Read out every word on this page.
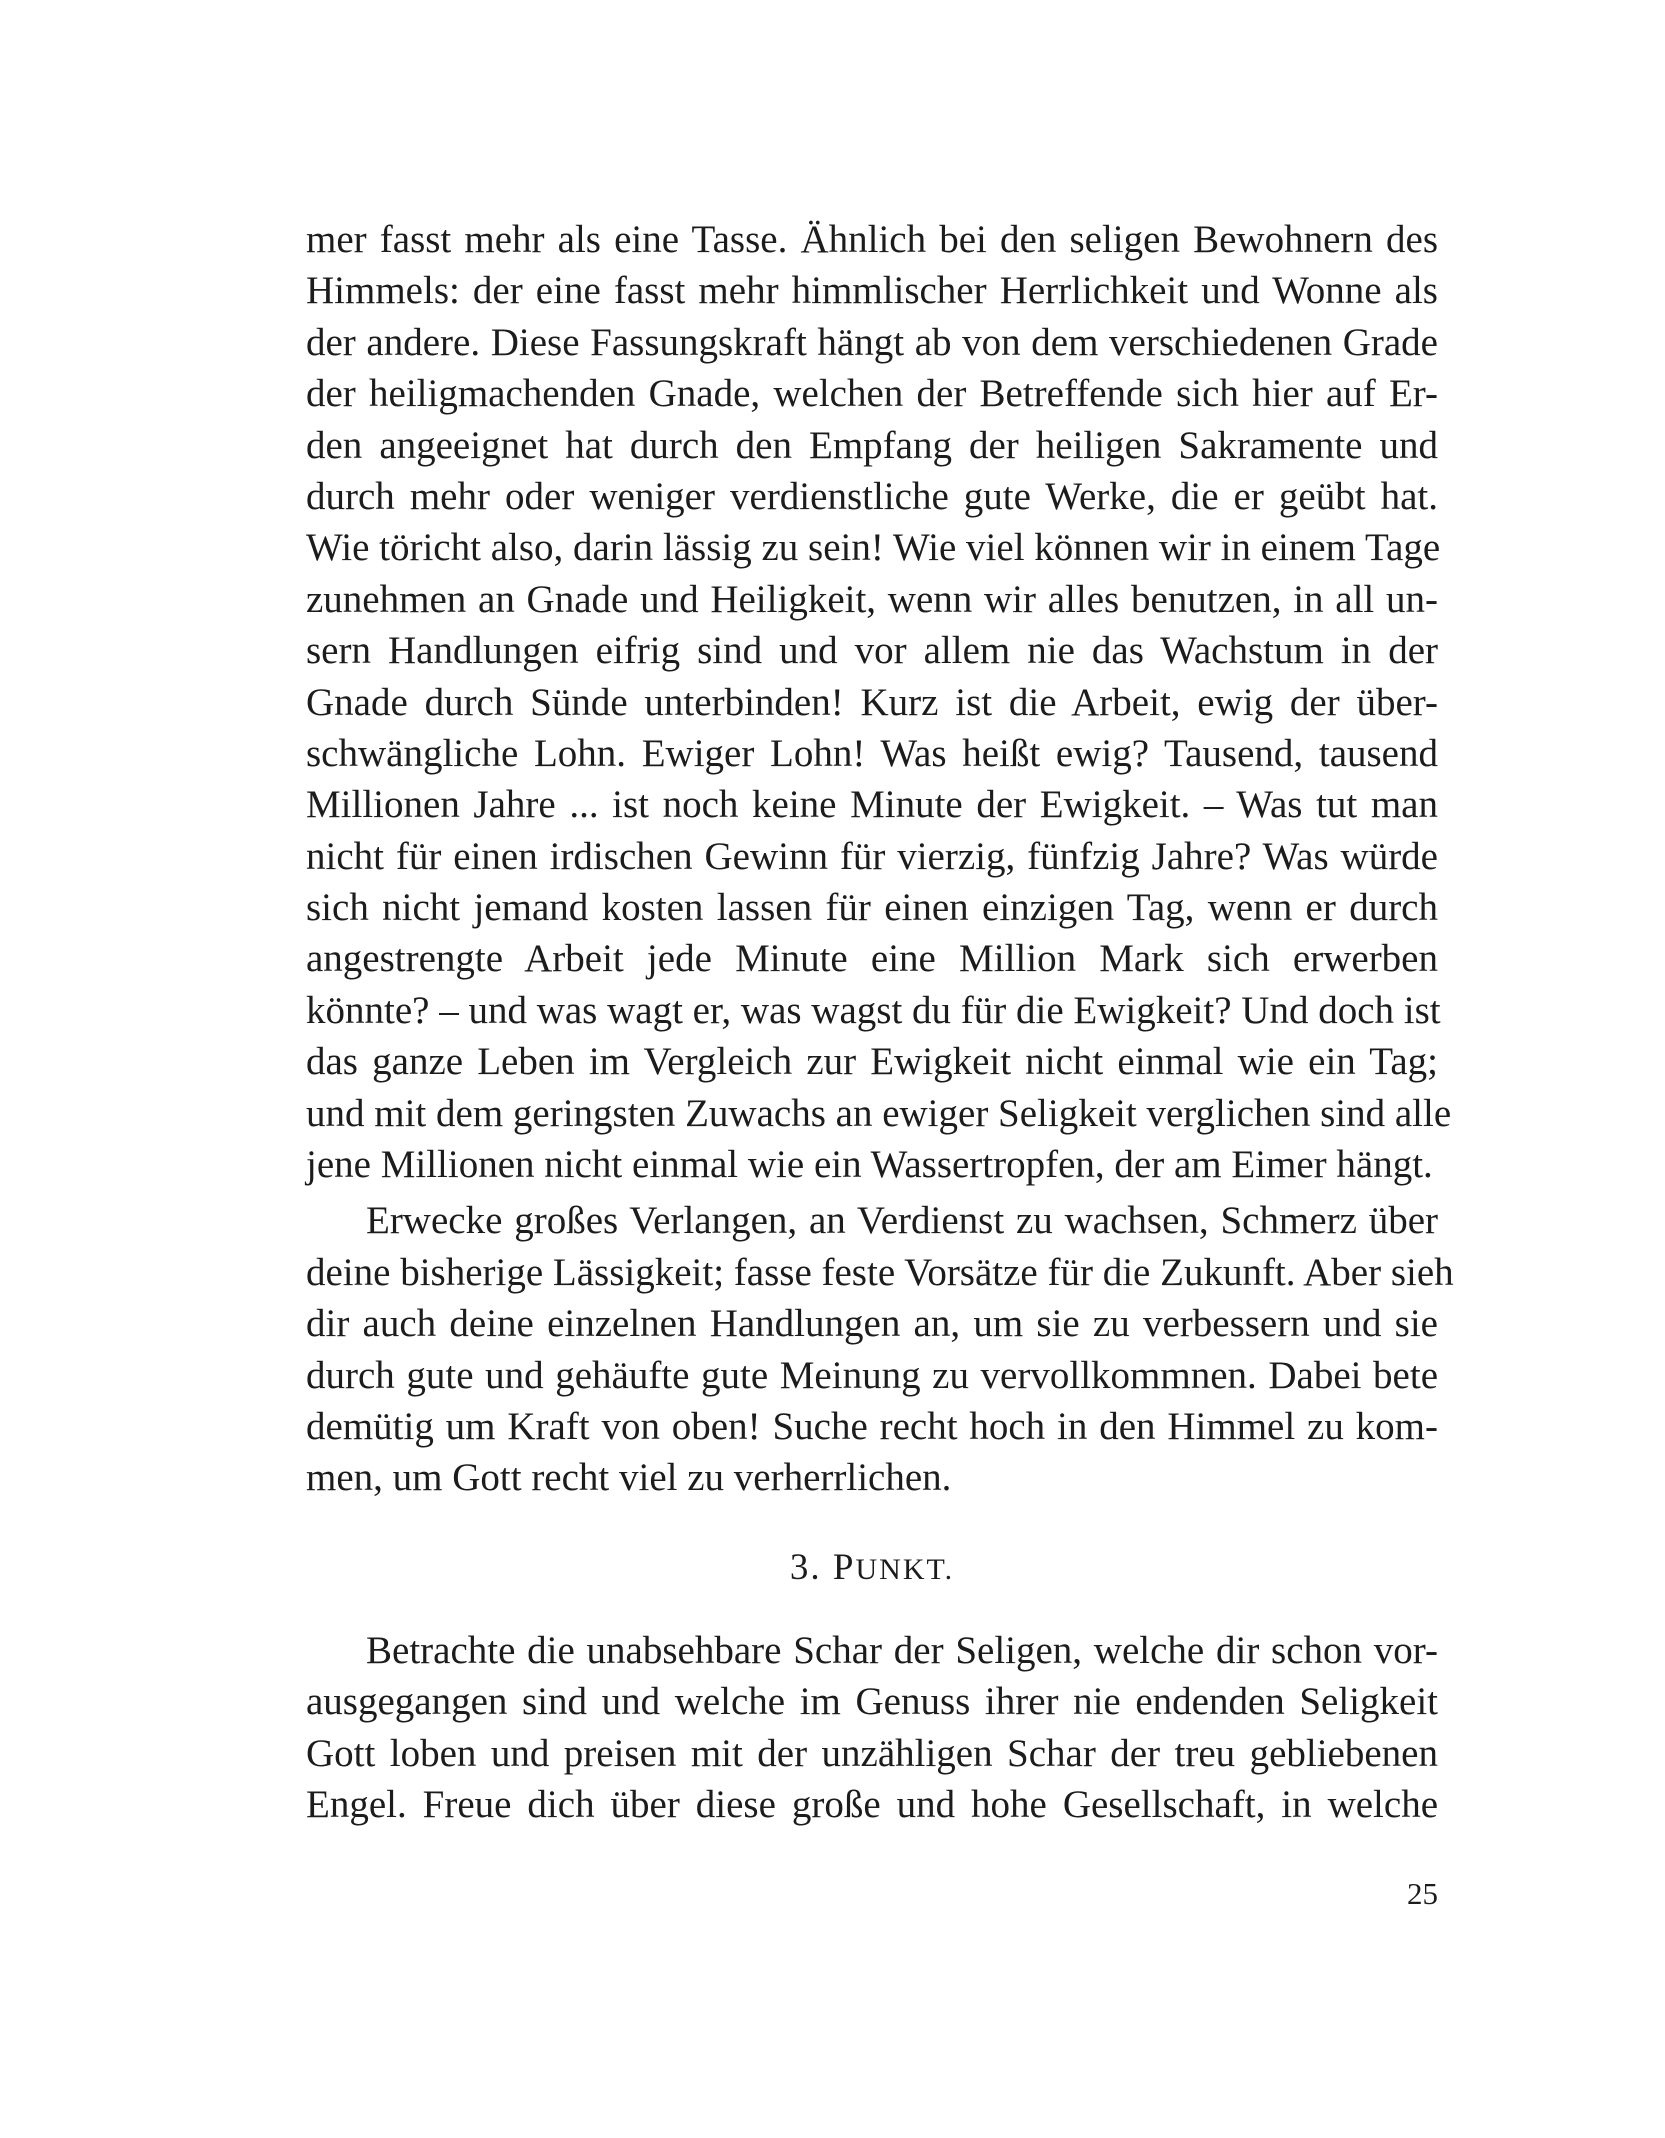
mer fasst mehr als eine Tasse. Ähnlich bei den seligen Bewohnern des
Himmels: der eine fasst mehr himmlischer Herrlichkeit und Wonne als
der andere. Diese Fassungskraft hängt ab von dem verschiedenen Grade
der heiligmachenden Gnade, welchen der Betreffende sich hier auf Er-
den angeeignet hat durch den Empfang der heiligen Sakramente und
durch mehr oder weniger verdienstliche gute Werke, die er geübt hat.
Wie töricht also, darin lässig zu sein! Wie viel können wir in einem Tage
zunehmen an Gnade und Heiligkeit, wenn wir alles benutzen, in all un-
sern Handlungen eifrig sind und vor allem nie das Wachstum in der
Gnade durch Sünde unterbinden! Kurz ist die Arbeit, ewig der über-
schwängliche Lohn. Ewiger Lohn! Was heißt ewig? Tausend, tausend
Millionen Jahre ... ist noch keine Minute der Ewigkeit. – Was tut man
nicht für einen irdischen Gewinn für vierzig, fünfzig Jahre? Was würde
sich nicht jemand kosten lassen für einen einzigen Tag, wenn er durch
angestrengte Arbeit jede Minute eine Million Mark sich erwerben
könnte? – und was wagt er, was wagst du für die Ewigkeit? Und doch ist
das ganze Leben im Vergleich zur Ewigkeit nicht einmal wie ein Tag;
und mit dem geringsten Zuwachs an ewiger Seligkeit verglichen sind alle
jene Millionen nicht einmal wie ein Wassertropfen, der am Eimer hängt.
Erwecke großes Verlangen, an Verdienst zu wachsen, Schmerz über
deine bisherige Lässigkeit; fasse feste Vorsätze für die Zukunft. Aber sieh
dir auch deine einzelnen Handlungen an, um sie zu verbessern und sie
durch gute und gehäufte gute Meinung zu vervollkommnen. Dabei bete
demütig um Kraft von oben! Suche recht hoch in den Himmel zu kom-
men, um Gott recht viel zu verherrlichen.
3. PUNKT.
Betrachte die unabsehbare Schar der Seligen, welche dir schon vor-
ausgegangen sind und welche im Genuss ihrer nie endenden Seligkeit
Gott loben und preisen mit der unzähligen Schar der treu gebliebenen
Engel. Freue dich über diese große und hohe Gesellschaft, in welche
25
